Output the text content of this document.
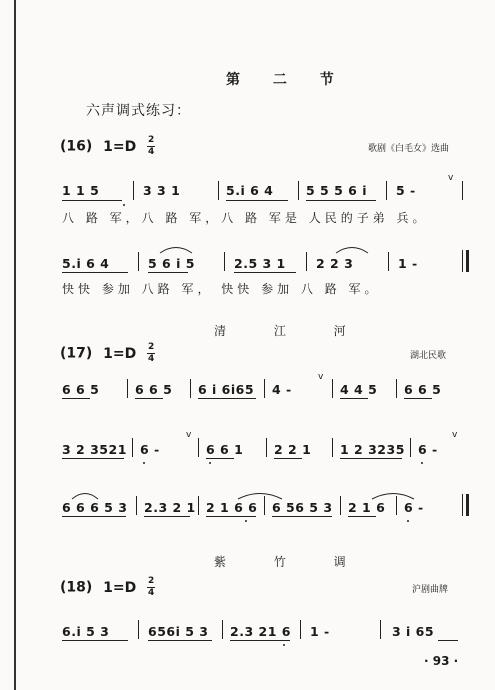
第 二 节
六声调式练习：
(16) $1=D \frac{2}{4}$	歌剧《白毛女》选曲
1 1 5	3 3 1	5.i 6 4	5 5 5 6 i 5 -
v
八 路 军，八 路 军，八 路 军是 人民的子弟 兵。
5.i 6 4	5 6 i 5	2.5 3 1 2 2 3	1 -
快快 参加 八路 军， 快快 参加 八 路 军。
清 江 河
(17) $1=D \frac{2}{4}$	湖北民歌
6 6 5	6 6 5 6 i 6i65 4 -	4 4 5 6 6 5
v
3 2 3521 6 -	6 6 1 2 2 1 1 2 3235 6 -
v	v
6 6 6 5 3 2.3 2 1 2 1 6 6 6 56 5 3 2 1 6 6 -
紫 竹 调
(18) $1=D \frac{2}{4}$	沪剧曲牌
6.i 5 3	656i 5 3 2.3 21 6 1 -	3 i 65
· 93 ·
